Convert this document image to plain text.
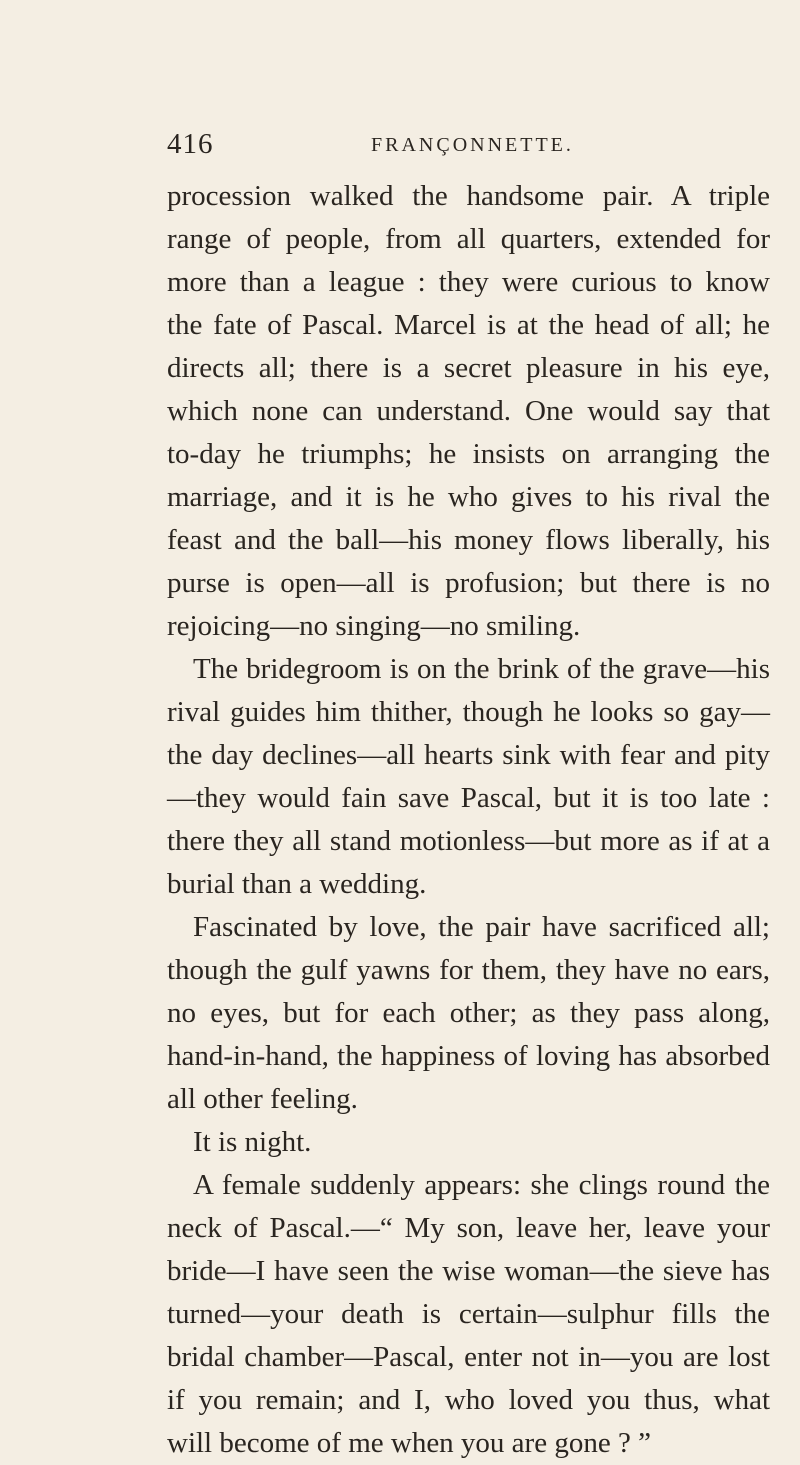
416	FRANÇONNETTE.
procession walked the handsome pair. A triple
range of people, from all quarters, extended for
more than a league : they were curious to know
the fate of Pascal. Marcel is at the head of all; he
directs all; there is a secret pleasure in his eye,
which none can understand. One would say that
to-day he triumphs; he insists on arranging the
marriage, and it is he who gives to his rival the
feast and the ball—his money flows liberally, his
purse is open—all is profusion; but there is no
rejoicing—no singing—no smiling.
The bridegroom is on the brink of the grave—his
rival guides him thither, though he looks so gay—
the day declines—all hearts sink with fear and pity
—they would fain save Pascal, but it is too late :
there they all stand motionless—but more as if at a
burial than a wedding.
Fascinated by love, the pair have sacrificed all;
though the gulf yawns for them, they have no ears,
no eyes, but for each other; as they pass along,
hand-in-hand, the happiness of loving has absorbed
all other feeling.
It is night.
A female suddenly appears: she clings round the
neck of Pascal.—“ My son, leave her, leave your
bride—I have seen the wise woman—the sieve has
turned—your death is certain—sulphur fills the
bridal chamber—Pascal, enter not in—you are lost
if you remain; and I, who loved you thus, what
will become of me when you are gone ? ”
